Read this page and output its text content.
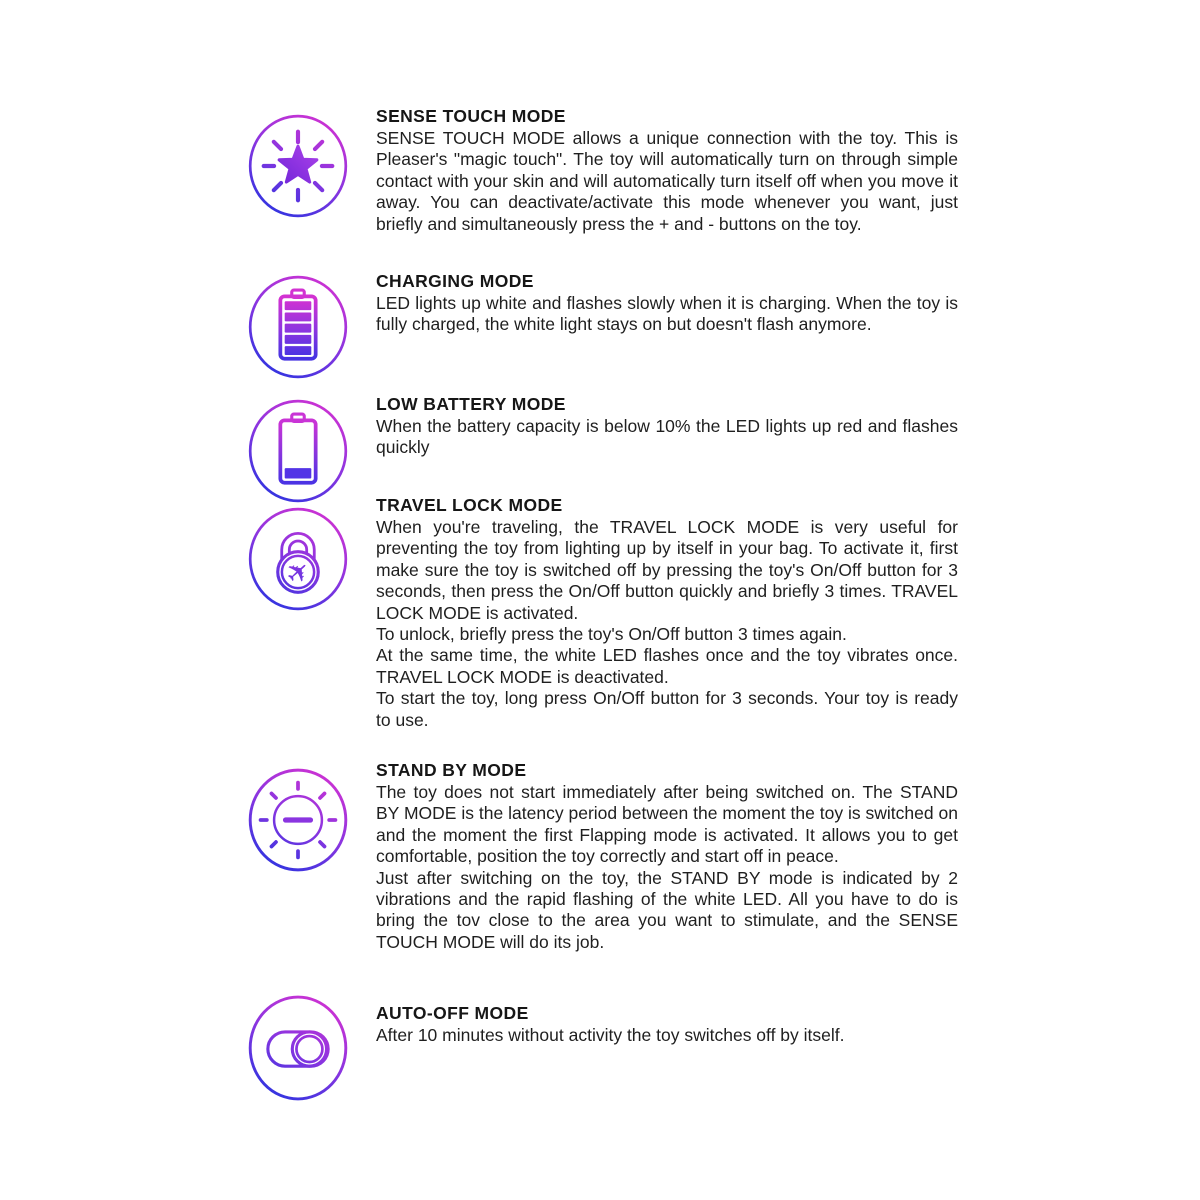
SENSE TOUCH MODE

SENSE TOUCH MODE allows a unique connection with the toy. This is Pleaser's "magic touch". The toy will automatically turn on through simple contact with your skin and will automatically turn itself off when you move it away. You can deactivate/activate this mode whenever you want, just briefly and simultaneously press the + and - buttons on the toy.

CHARGING MODE

LED lights up white and flashes slowly when it is charging. When the toy is fully charged, the white light stays on but doesn't flash anymore.

LOW BATTERY MODE

When the battery capacity is below 10% the LED lights up red and flashes quickly

✈
TRAVEL LOCK MODE

When you're traveling, the TRAVEL LOCK MODE is very useful for preventing the toy from lighting up by itself in your bag. To activate it, first make sure the toy is switched off by pressing the toy's On/Off button for 3 seconds, then press the On/Off button quickly and briefly 3 times. TRAVEL LOCK MODE is activated.

To unlock, briefly press the toy's On/Off button 3 times again.

At the same time, the white LED flashes once and the toy vibrates once. TRAVEL LOCK MODE is deactivated.

To start the toy, long press On/Off button for 3 seconds. Your toy is ready to use.

STAND BY MODE

The toy does not start immediately after being switched on. The STAND BY MODE is the latency period between the moment the toy is switched on and the moment the first Flapping mode is activated. It allows you to get comfortable, position the toy correctly and start off in peace.

Just after switching on the toy, the STAND BY mode is indicated by 2 vibrations and the rapid flashing of the white LED. All you have to do is bring the tov close to the area you want to stimulate, and the SENSE TOUCH MODE will do its job.

AUTO-OFF MODE

After 10 minutes without activity the toy switches off by itself.
